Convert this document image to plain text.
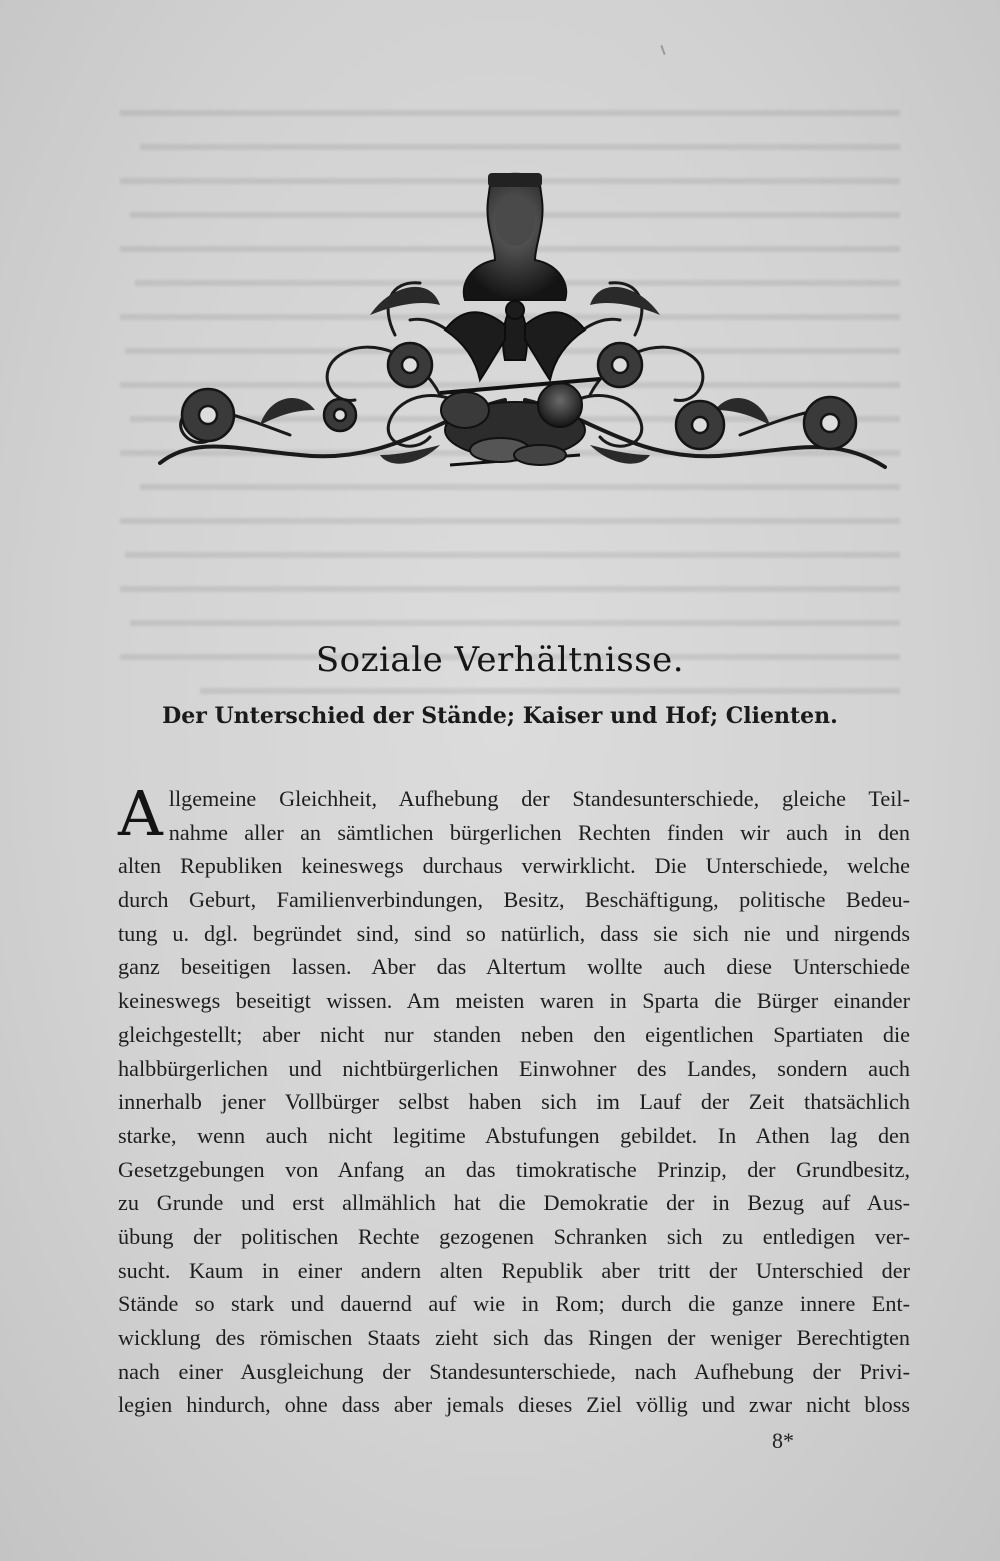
Soziale Verhältnisse.
Der Unterschied der Stände; Kaiser und Hof; Clienten.
A llgemeine Gleichheit, Aufhebung der Standesunterschiede, gleiche Teil-
nahme aller an sämtlichen bürgerlichen Rechten finden wir auch in den
alten Republiken keineswegs durchaus verwirklicht. Die Unterschiede, welche
durch Geburt, Familienverbindungen, Besitz, Beschäftigung, politische Bedeu-
tung u. dgl. begründet sind, sind so natürlich, dass sie sich nie und nirgends
ganz beseitigen lassen. Aber das Altertum wollte auch diese Unterschiede
keineswegs beseitigt wissen. Am meisten waren in Sparta die Bürger einander
gleichgestellt; aber nicht nur standen neben den eigentlichen Spartiaten die
halbbürgerlichen und nichtbürgerlichen Einwohner des Landes, sondern auch
innerhalb jener Vollbürger selbst haben sich im Lauf der Zeit thatsächlich
starke, wenn auch nicht legitime Abstufungen gebildet. In Athen lag den
Gesetzgebungen von Anfang an das timokratische Prinzip, der Grundbesitz,
zu Grunde und erst allmählich hat die Demokratie der in Bezug auf Aus-
übung der politischen Rechte gezogenen Schranken sich zu entledigen ver-
sucht. Kaum in einer andern alten Republik aber tritt der Unterschied der
Stände so stark und dauernd auf wie in Rom; durch die ganze innere Ent-
wicklung des römischen Staats zieht sich das Ringen der weniger Berechtigten
nach einer Ausgleichung der Standesunterschiede, nach Aufhebung der Privi-
legien hindurch, ohne dass aber jemals dieses Ziel völlig und zwar nicht bloss
8*
